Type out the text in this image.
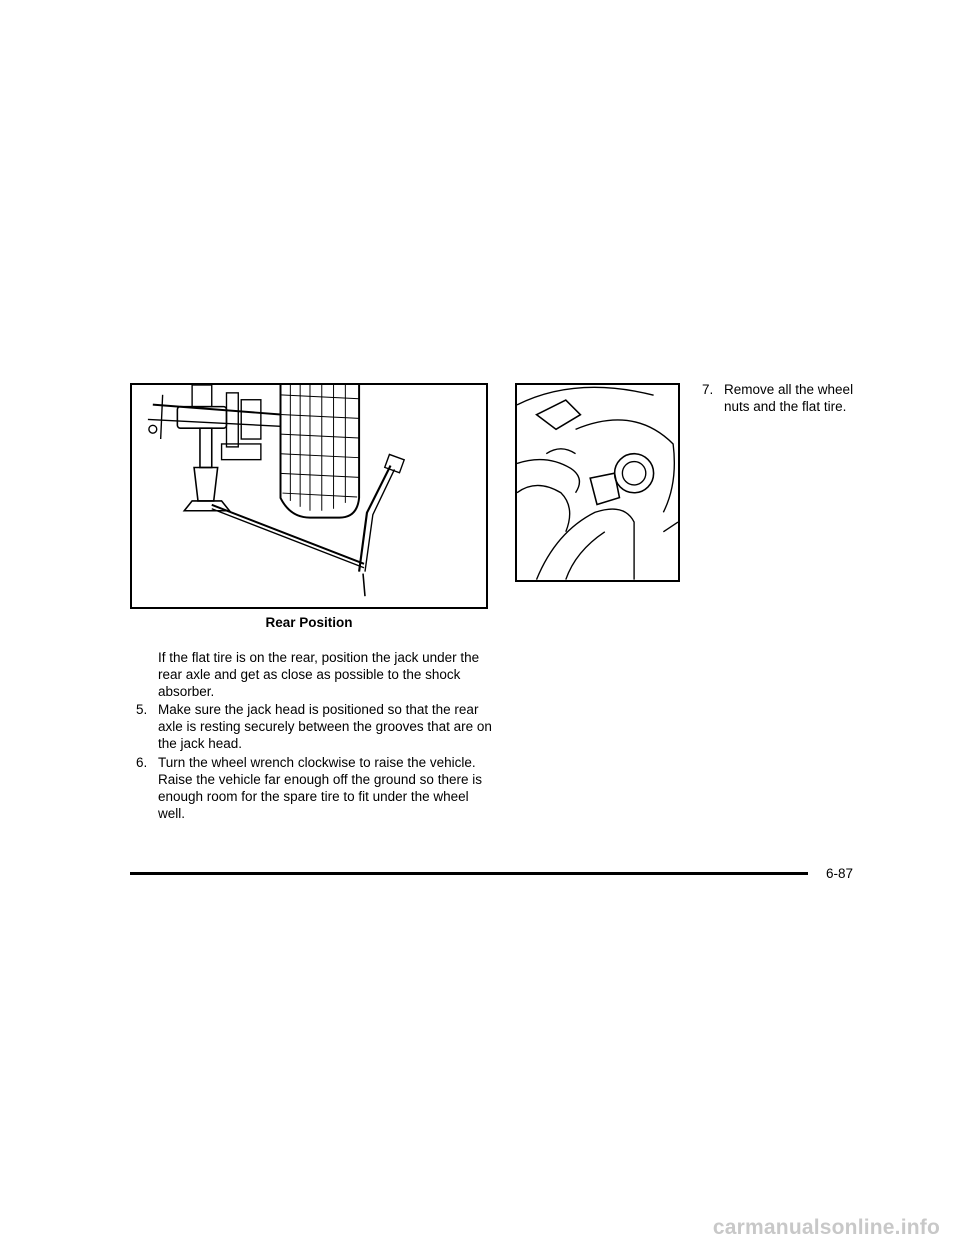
Rear Position
If the flat tire is on the rear, position the jack under the rear axle and get as close as possible to the shock absorber.
5. Make sure the jack head is positioned so that the rear axle is resting securely between the grooves that are on the jack head.
6. Turn the wheel wrench clockwise to raise the vehicle. Raise the vehicle far enough off the ground so there is enough room for the spare tire to fit under the wheel well.
7. Remove all the wheel nuts and the flat tire.
6-87
carmanualsonline.info
